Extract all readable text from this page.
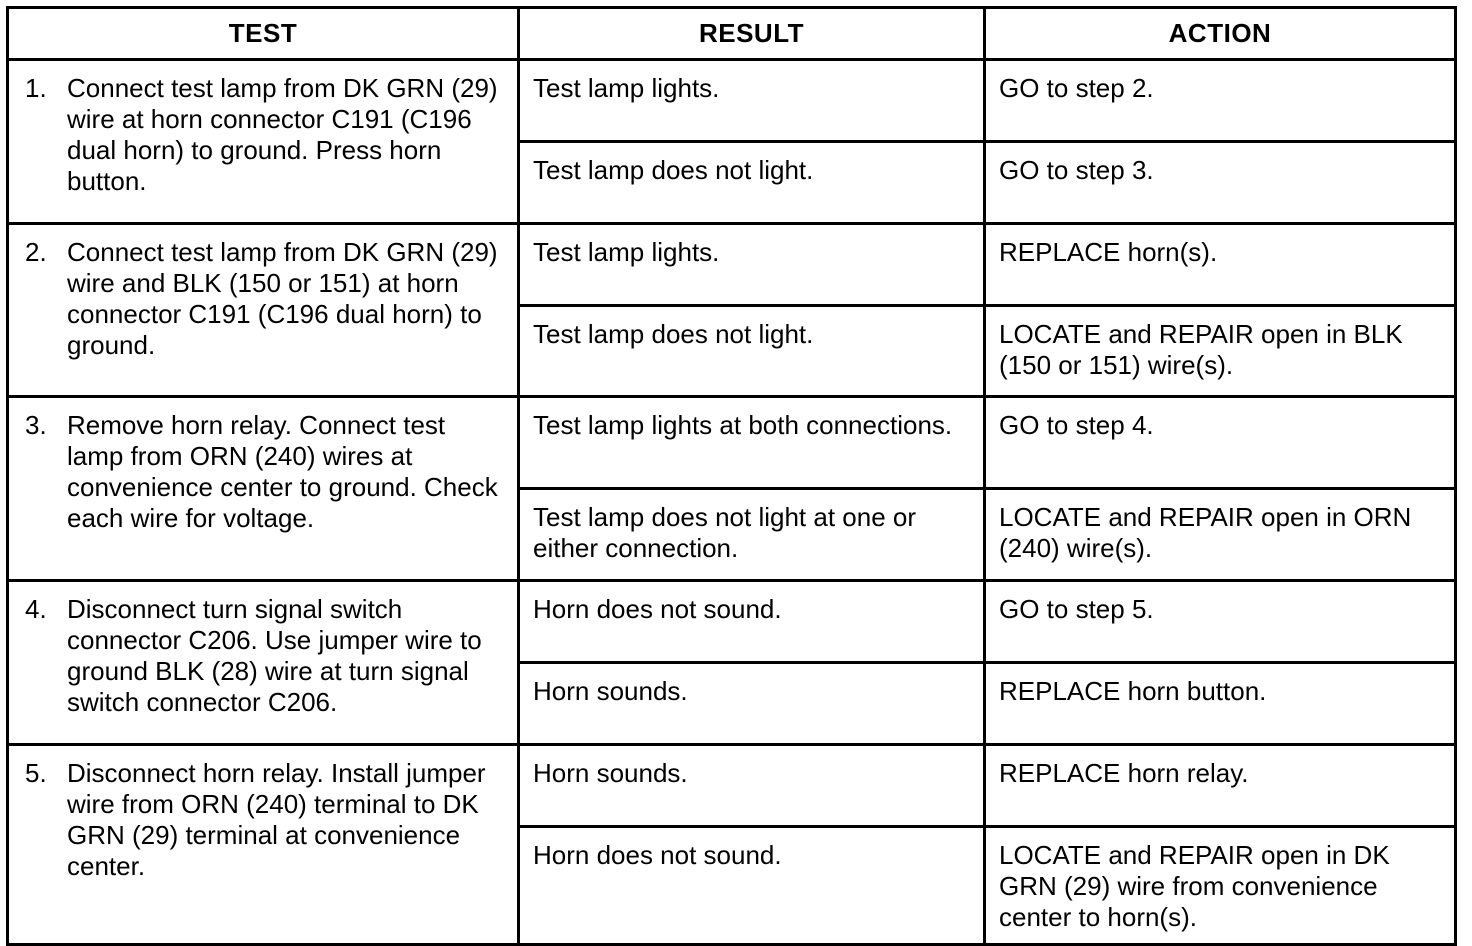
TEST	RESULT	ACTION

1. Connect test lamp from DK GRN (29) wire at horn connector C191 (C196 dual horn) to ground. Press horn button.	Test lamp lights.	GO to step 2.
	Test lamp does not light.	GO to step 3.

2. Connect test lamp from DK GRN (29) wire and BLK (150 or 151) at horn connector C191 (C196 dual horn) to ground.	Test lamp lights.	REPLACE horn(s).
	Test lamp does not light.	LOCATE and REPAIR open in BLK (150 or 151) wire(s).

3. Remove horn relay. Connect test lamp from ORN (240) wires at convenience center to ground. Check each wire for voltage.	Test lamp lights at both connections.	GO to step 4.
	Test lamp does not light at one or either connection.	LOCATE and REPAIR open in ORN (240) wire(s).

4. Disconnect turn signal switch connector C206. Use jumper wire to ground BLK (28) wire at turn signal switch connector C206.	Horn does not sound.	GO to step 5.
	Horn sounds.	REPLACE horn button.

5. Disconnect horn relay. Install jumper wire from ORN (240) terminal to DK GRN (29) terminal at convenience center.	Horn sounds.	REPLACE horn relay.
	Horn does not sound.	LOCATE and REPAIR open in DK GRN (29) wire from convenience center to horn(s).
